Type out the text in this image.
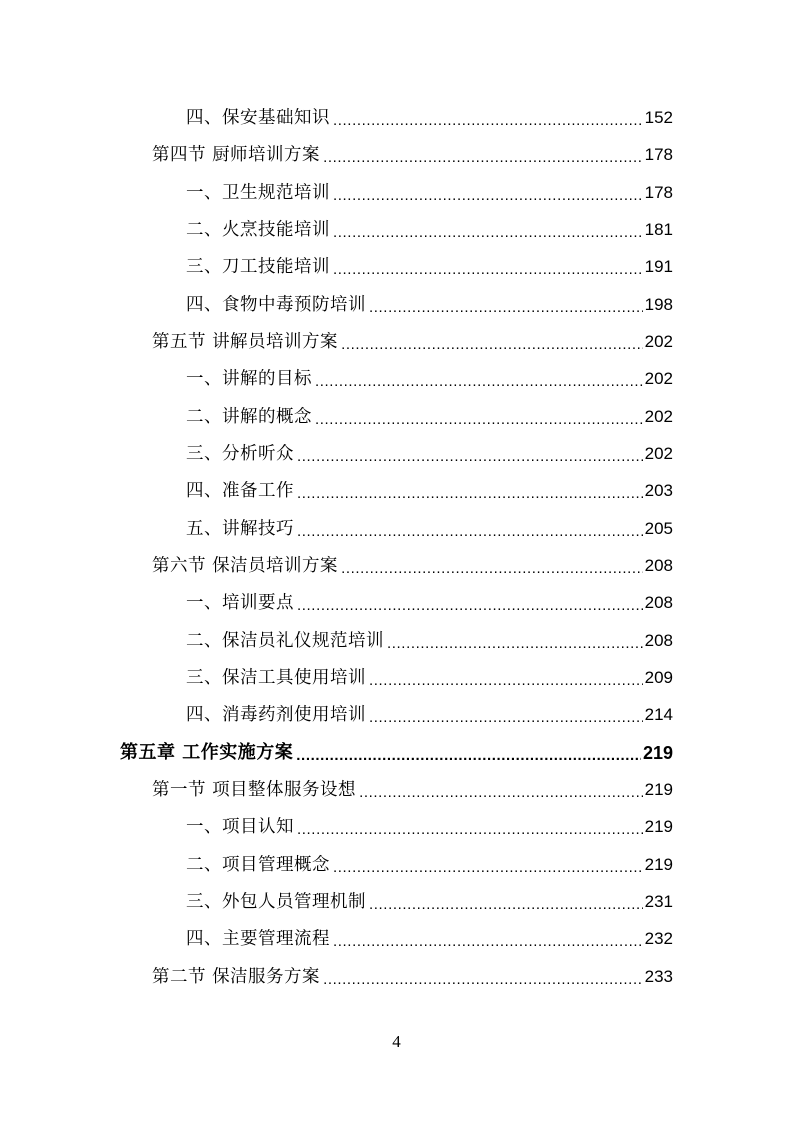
四、保安基础知识 .....	152
第四节 厨师培训方案 .....	178
一、卫生规范培训 .....	178
二、火烹技能培训 .....	181
三、刀工技能培训 .....	191
四、食物中毒预防培训 .....	198
第五节 讲解员培训方案 .....	202
一、讲解的目标 .....	202
二、讲解的概念 .....	202
三、分析听众 .....	202
四、准备工作 .....	203
五、讲解技巧 .....	205
第六节 保洁员培训方案 .....	208
一、培训要点 .....	208
二、保洁员礼仪规范培训 .....	208
三、保洁工具使用培训 .....	209
四、消毒药剂使用培训 .....	214
第五章 工作实施方案 .....	219
第一节 项目整体服务设想 .....	219
一、项目认知 .....	219
二、项目管理概念 .....	219
三、外包人员管理机制 .....	231
四、主要管理流程 .....	232
第二节 保洁服务方案 .....	233
4
